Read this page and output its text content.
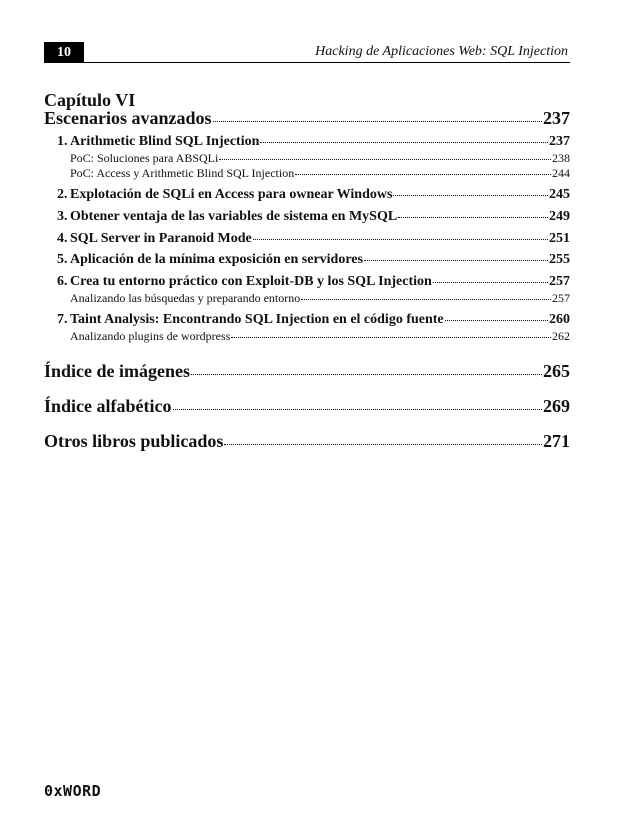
10	Hacking de Aplicaciones Web: SQL Injection
Capítulo VI
Escenarios avanzados	237
1. Arithmetic Blind SQL Injection	237
PoC: Soluciones para ABSQLi	238
PoC: Access y Arithmetic Blind SQL Injection	244
2. Explotación de SQLi en Access para ownear Windows	245
3. Obtener ventaja de las variables de sistema en MySQL	249
4. SQL Server in Paranoid Mode	251
5. Aplicación de la mínima exposición en servidores	255
6. Crea tu entorno práctico con Exploit-DB y los SQL Injection	257
Analizando las búsquedas y preparando entorno	257
7. Taint Analysis: Encontrando SQL Injection en el código fuente	260
Analizando plugins de wordpress	262
Índice de imágenes	265
Índice alfabético	269
Otros libros publicados	271
0xWORD
